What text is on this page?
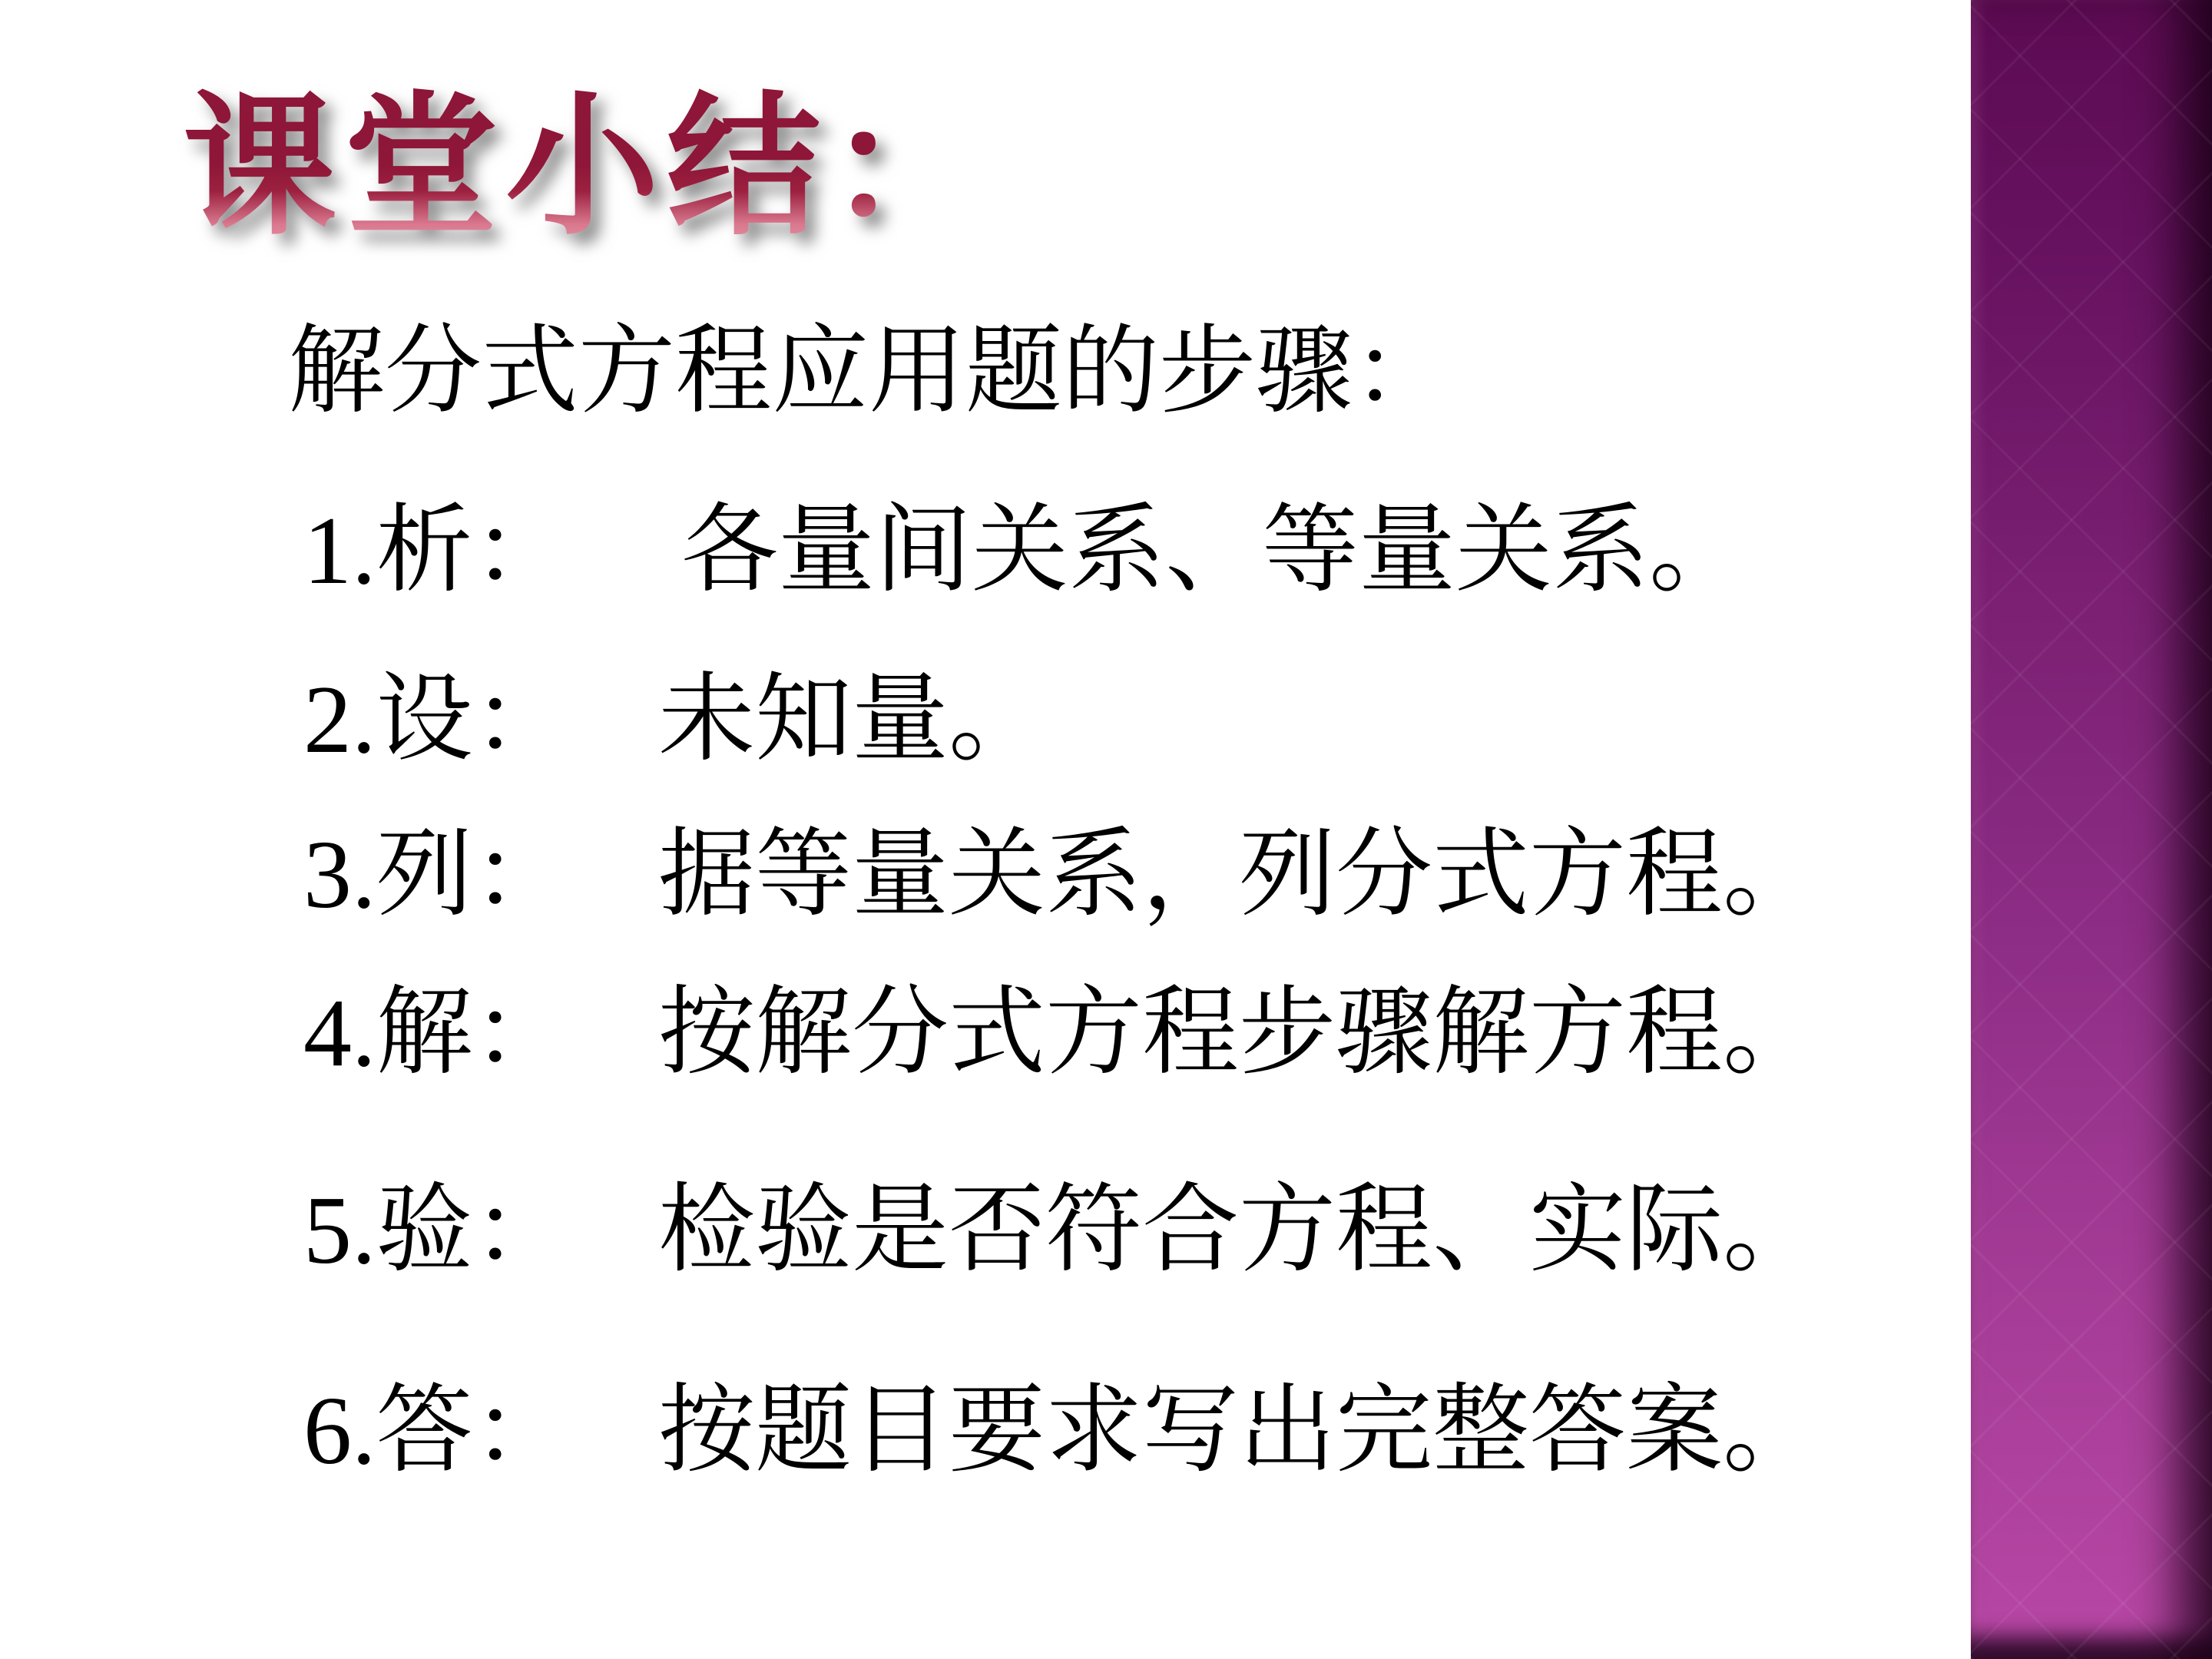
课堂小结：
解分式方程应用题的步骤：
1.析：	各量间关系、等量关系。
2.设： 未知量。
3.列： 据等量关系，列分式方程。
4.解： 按解分式方程步骤解方程。
5.验： 检验是否符合方程、实际。
6.答： 按题目要求写出完整答案。
